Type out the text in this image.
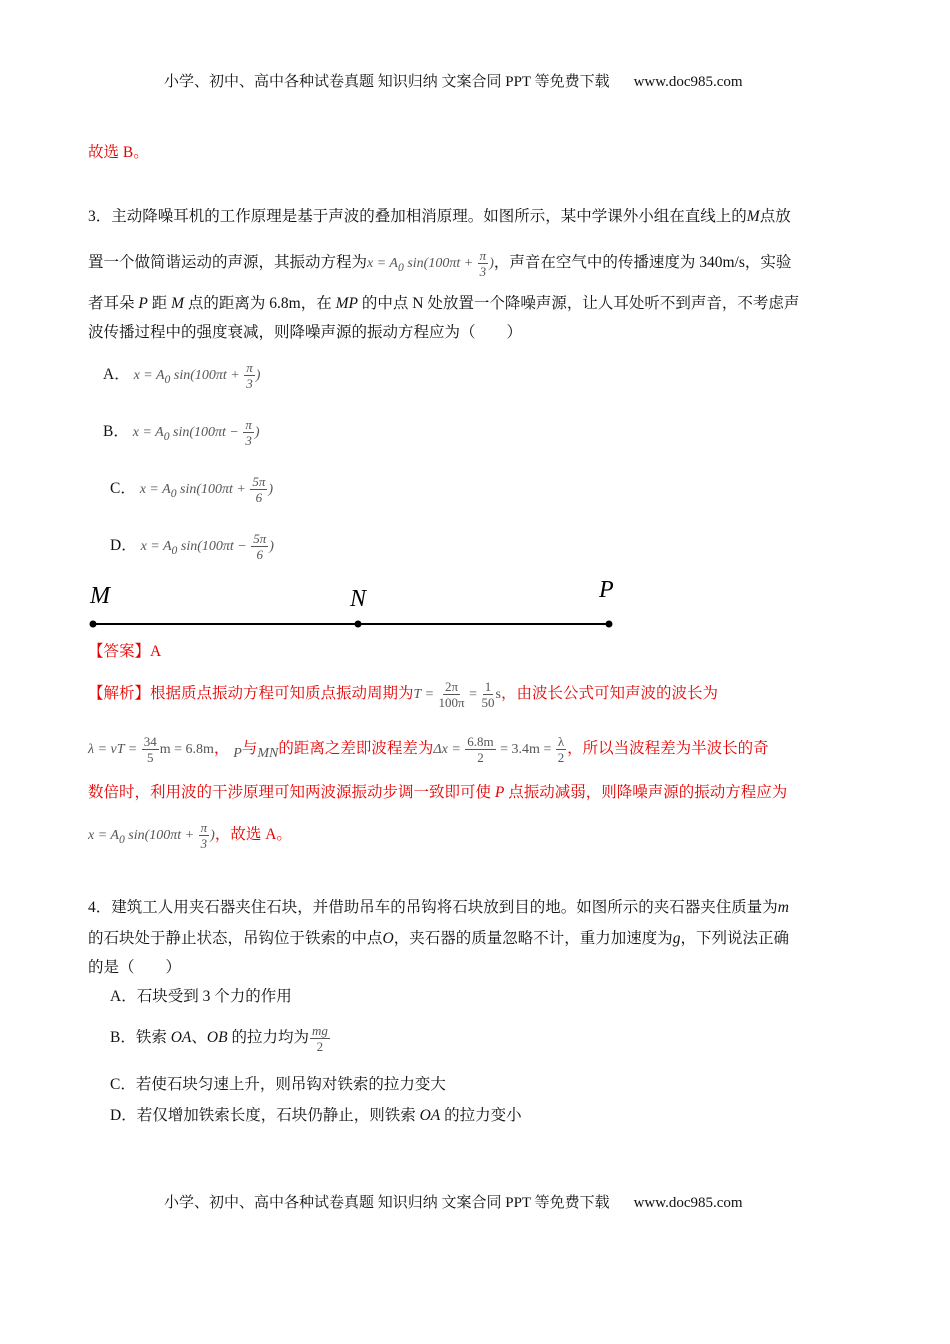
小学、初中、高中各种试卷真题 知识归纳 文案合同 PPT 等免费下载 www.doc985.com
故选 B。
3．主动降噪耳机的工作原理是基于声波的叠加相消原理。如图所示，某中学课外小组在直线上的M点放
置一个做简谐运动的声源，其振动方程为$x = A_0$ $\sin(100\pi t + \frac{\pi}{3}$ )，声音在空气中的传播速度为 340m/s，实验
者耳朵 P 距 M 点的距离为 6.8m，在 MP 的中点 N 处放置一个降噪声源，让人耳处听不到声音，不考虑声
波传播过程中的强度衰减，则降噪声源的振动方程应为（　　）
A． $x = A_0$ $\sin(100\pi t + \frac{\pi}{3}$ )
B． $x = A_0$ $\sin(100\pi t - \frac{\pi}{3}$ )
C． $x = A_0$ $\sin(100\pi t + \frac{5\pi}{6}$ )
D． $x = A_0$ $\sin(100\pi t - \frac{5\pi}{6}$ )
M	N	P
【答案】A
【解析】根据质点振动方程可知质点振动周期为$T = \frac{2\pi}{100\pi} = \frac{1}{50}$ s，由波长公式可知声波的波长为
λ = vT = $\frac{34}{5}$ m = 6.8m， $_P$与$_{MN}$的距离之差即波程差为$\Delta x = \frac{6.8m}{2} = 3.4m = \frac{\lambda}{2}$ ，所以当波程差为半波长的奇
数倍时，利用波的干涉原理可知两波源振动步调一致即可使 P 点振动减弱，则降噪声源的振动方程应为
$x = A_0$ $\sin(100\pi t + \frac{\pi}{3}$ )，故选 A。
4．建筑工人用夹石器夹住石块，并借助吊车的吊钩将石块放到目的地。如图所示的夹石器夹住质量为m
的石块处于静止状态，吊钩位于铁索的中点O，夹石器的质量忽略不计，重力加速度为g，下列说法正确
的是（　　）
A．石块受到 3 个力的作用
B．铁索 OA、OB 的拉力均为 $\frac{mg}{2}$
C．若使石块匀速上升，则吊钩对铁索的拉力变大
D．若仅增加铁索长度，石块仍静止，则铁索 OA 的拉力变小
小学、初中、高中各种试卷真题 知识归纳 文案合同 PPT 等免费下载 www.doc985.com
